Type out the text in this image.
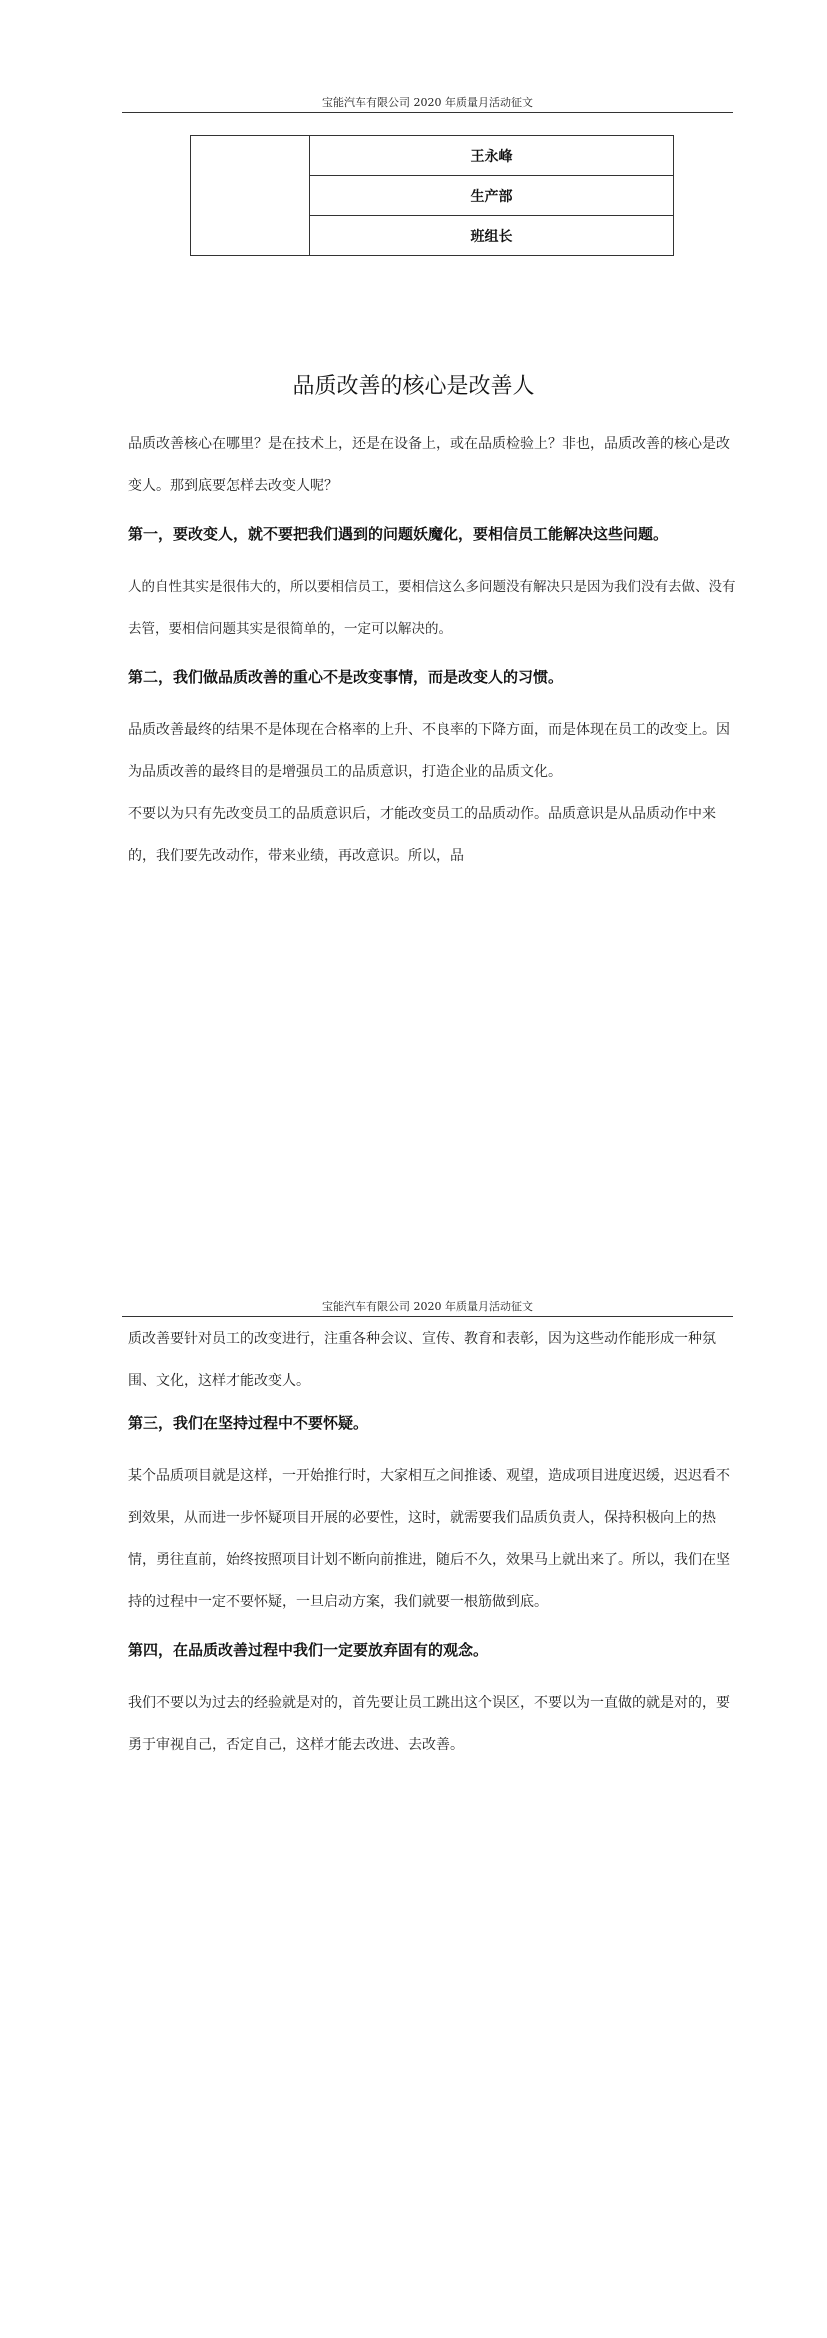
宝能汽车有限公司 2020 年质量月活动征文
	王永峰
生产部
班组长
品质改善的核心是改善人

品质改善核心在哪里？是在技术上，还是在设备上，或在品质检验上？非也，品质改善的核心是改变人。那到底要怎样去改变人呢？

第一，要改变人，就不要把我们遇到的问题妖魔化，要相信员工能解决这些问题。

人的自性其实是很伟大的，所以要相信员工，要相信这么多问题没有解决只是因为我们没有去做、没有去管，要相信问题其实是很简单的，一定可以解决的。

第二，我们做品质改善的重心不是改变事情，而是改变人的习惯。

品质改善最终的结果不是体现在合格率的上升、不良率的下降方面，而是体现在员工的改变上。因为品质改善的最终目的是增强员工的品质意识，打造企业的品质文化。

不要以为只有先改变员工的品质意识后，才能改变员工的品质动作。品质意识是从品质动作中来的，我们要先改动作，带来业绩，再改意识。所以，品

宝能汽车有限公司 2020 年质量月活动征文

质改善要针对员工的改变进行，注重各种会议、宣传、教育和表彰，因为这些动作能形成一种氛围、文化，这样才能改变人。

第三，我们在坚持过程中不要怀疑。

某个品质项目就是这样，一开始推行时，大家相互之间推诿、观望，造成项目进度迟缓，迟迟看不到效果，从而进一步怀疑项目开展的必要性，这时，就需要我们品质负责人，保持积极向上的热情，勇往直前，始终按照项目计划不断向前推进，随后不久，效果马上就出来了。所以，我们在坚持的过程中一定不要怀疑，一旦启动方案，我们就要一根筋做到底。

第四，在品质改善过程中我们一定要放弃固有的观念。

我们不要以为过去的经验就是对的，首先要让员工跳出这个误区，不要以为一直做的就是对的，要勇于审视自己，否定自己，这样才能去改进、去改善。
